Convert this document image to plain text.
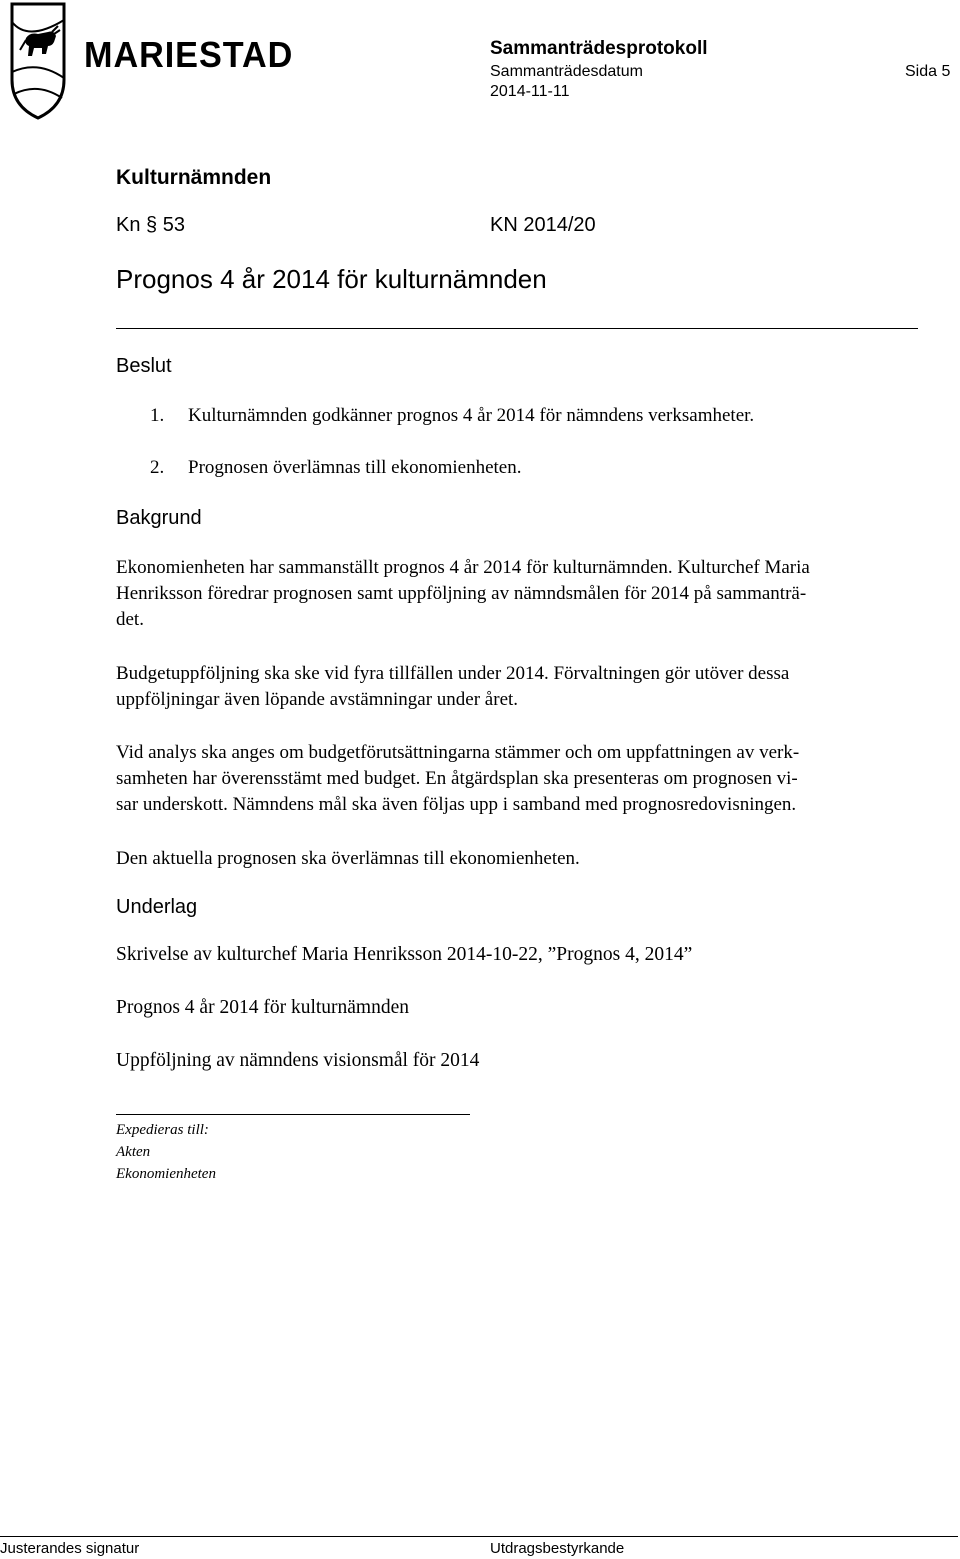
MARIESTAD	Sammanträdesprotokoll
Sammanträdesdatum	Sida 5
2014-11-11
Kulturnämnden
Kn § 53	KN 2014/20
Prognos 4 år 2014 för kulturnämnden
Beslut
1. Kulturnämnden godkänner prognos 4 år 2014 för nämndens verksamheter.
2. Prognosen överlämnas till ekonomienheten.
Bakgrund
Ekonomienheten har sammanställt prognos 4 år 2014 för kulturnämnden. Kulturchef Maria
Henriksson föredrar prognosen samt uppföljning av nämndsmålen för 2014 på sammanträ-
det.
Budgetuppföljning ska ske vid fyra tillfällen under 2014. Förvaltningen gör utöver dessa
uppföljningar även löpande avstämningar under året.
Vid analys ska anges om budgetförutsättningarna stämmer och om uppfattningen av verk-
samheten har överensstämt med budget. En åtgärdsplan ska presenteras om prognosen vi-
sar underskott. Nämndens mål ska även följas upp i samband med prognosredovisningen.
Den aktuella prognosen ska överlämnas till ekonomienheten.
Underlag
Skrivelse av kulturchef Maria Henriksson 2014-10-22, ”Prognos 4, 2014”
Prognos 4 år 2014 för kulturnämnden
Uppföljning av nämndens visionsmål för 2014
Expedieras till:
Akten
Ekonomienheten
Justerandes signatur	Utdragsbestyrkande
